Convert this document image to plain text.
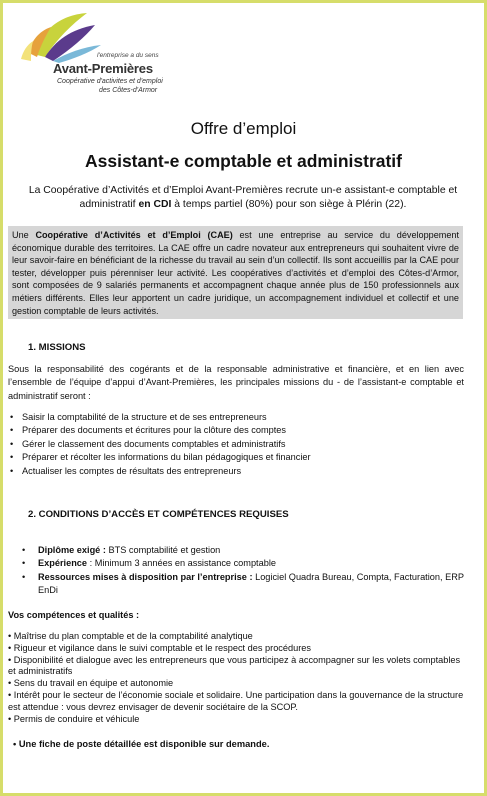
l'entreprise a du sens
Avant-Premières
Coopérative d'activites et d'emploi
des Côtes-d'Armor
Offre d’emploi
Assistant-e comptable et administratif
La Coopérative d’Activités et d’Emploi Avant-Premières recrute un-e assistant-e comptable et administratif en CDI à temps partiel (80%) pour son siège à Plérin (22).
Une Coopérative d’Activités et d’Emploi (CAE) est une entreprise au service du développement économique durable des territoires. La CAE offre un cadre novateur aux entrepreneurs qui souhaitent vivre de leur savoir-faire en bénéficiant de la richesse du travail au sein d’un collectif. Ils sont accueillis par la CAE pour tester, développer puis pérenniser leur activité. Les coopératives d’activités et d’emploi des Côtes-d’Armor, sont composées de 9 salariés permanents et accompagnent chaque année plus de 150 professionnels aux métiers différents. Elles leur apportent un cadre juridique, un accompagnement individuel et collectif et une gestion comptable de leurs activités.
1. MISSIONS
Sous la responsabilité des cogérants et de la responsable administrative et financière, et en lien avec l’ensemble de l’équipe d’appui d’Avant-Premières, les principales missions du - de l’assistant-e comptable et administratif seront :
• Saisir la comptabilité de la structure et de ses entrepreneurs
• Préparer des documents et écritures pour la clôture des comptes
• Gérer le classement des documents comptables et administratifs
• Préparer et récolter les informations du bilan pédagogiques et financier
• Actualiser les comptes de résultats des entrepreneurs
2. CONDITIONS D’ACCÈS ET COMPÉTENCES REQUISES
• Diplôme exigé : BTS comptabilité et gestion
• Expérience : Minimum 3 années en assistance comptable
• Ressources mises à disposition par l’entreprise : Logiciel Quadra Bureau, Compta, Facturation, ERP EnDi
Vos compétences et qualités :
• Maîtrise du plan comptable et de la comptabilité analytique
• Rigueur et vigilance dans le suivi comptable et le respect des procédures
• Disponibilité et dialogue avec les entrepreneurs que vous participez à accompagner sur les volets comptables et administratifs
• Sens du travail en équipe et autonomie
• Intérêt pour le secteur de l’économie sociale et solidaire. Une participation dans la gouvernance de la structure est attendue : vous devrez envisager de devenir sociétaire de la SCOP.
• Permis de conduire et véhicule
• Une fiche de poste détaillée est disponible sur demande.
